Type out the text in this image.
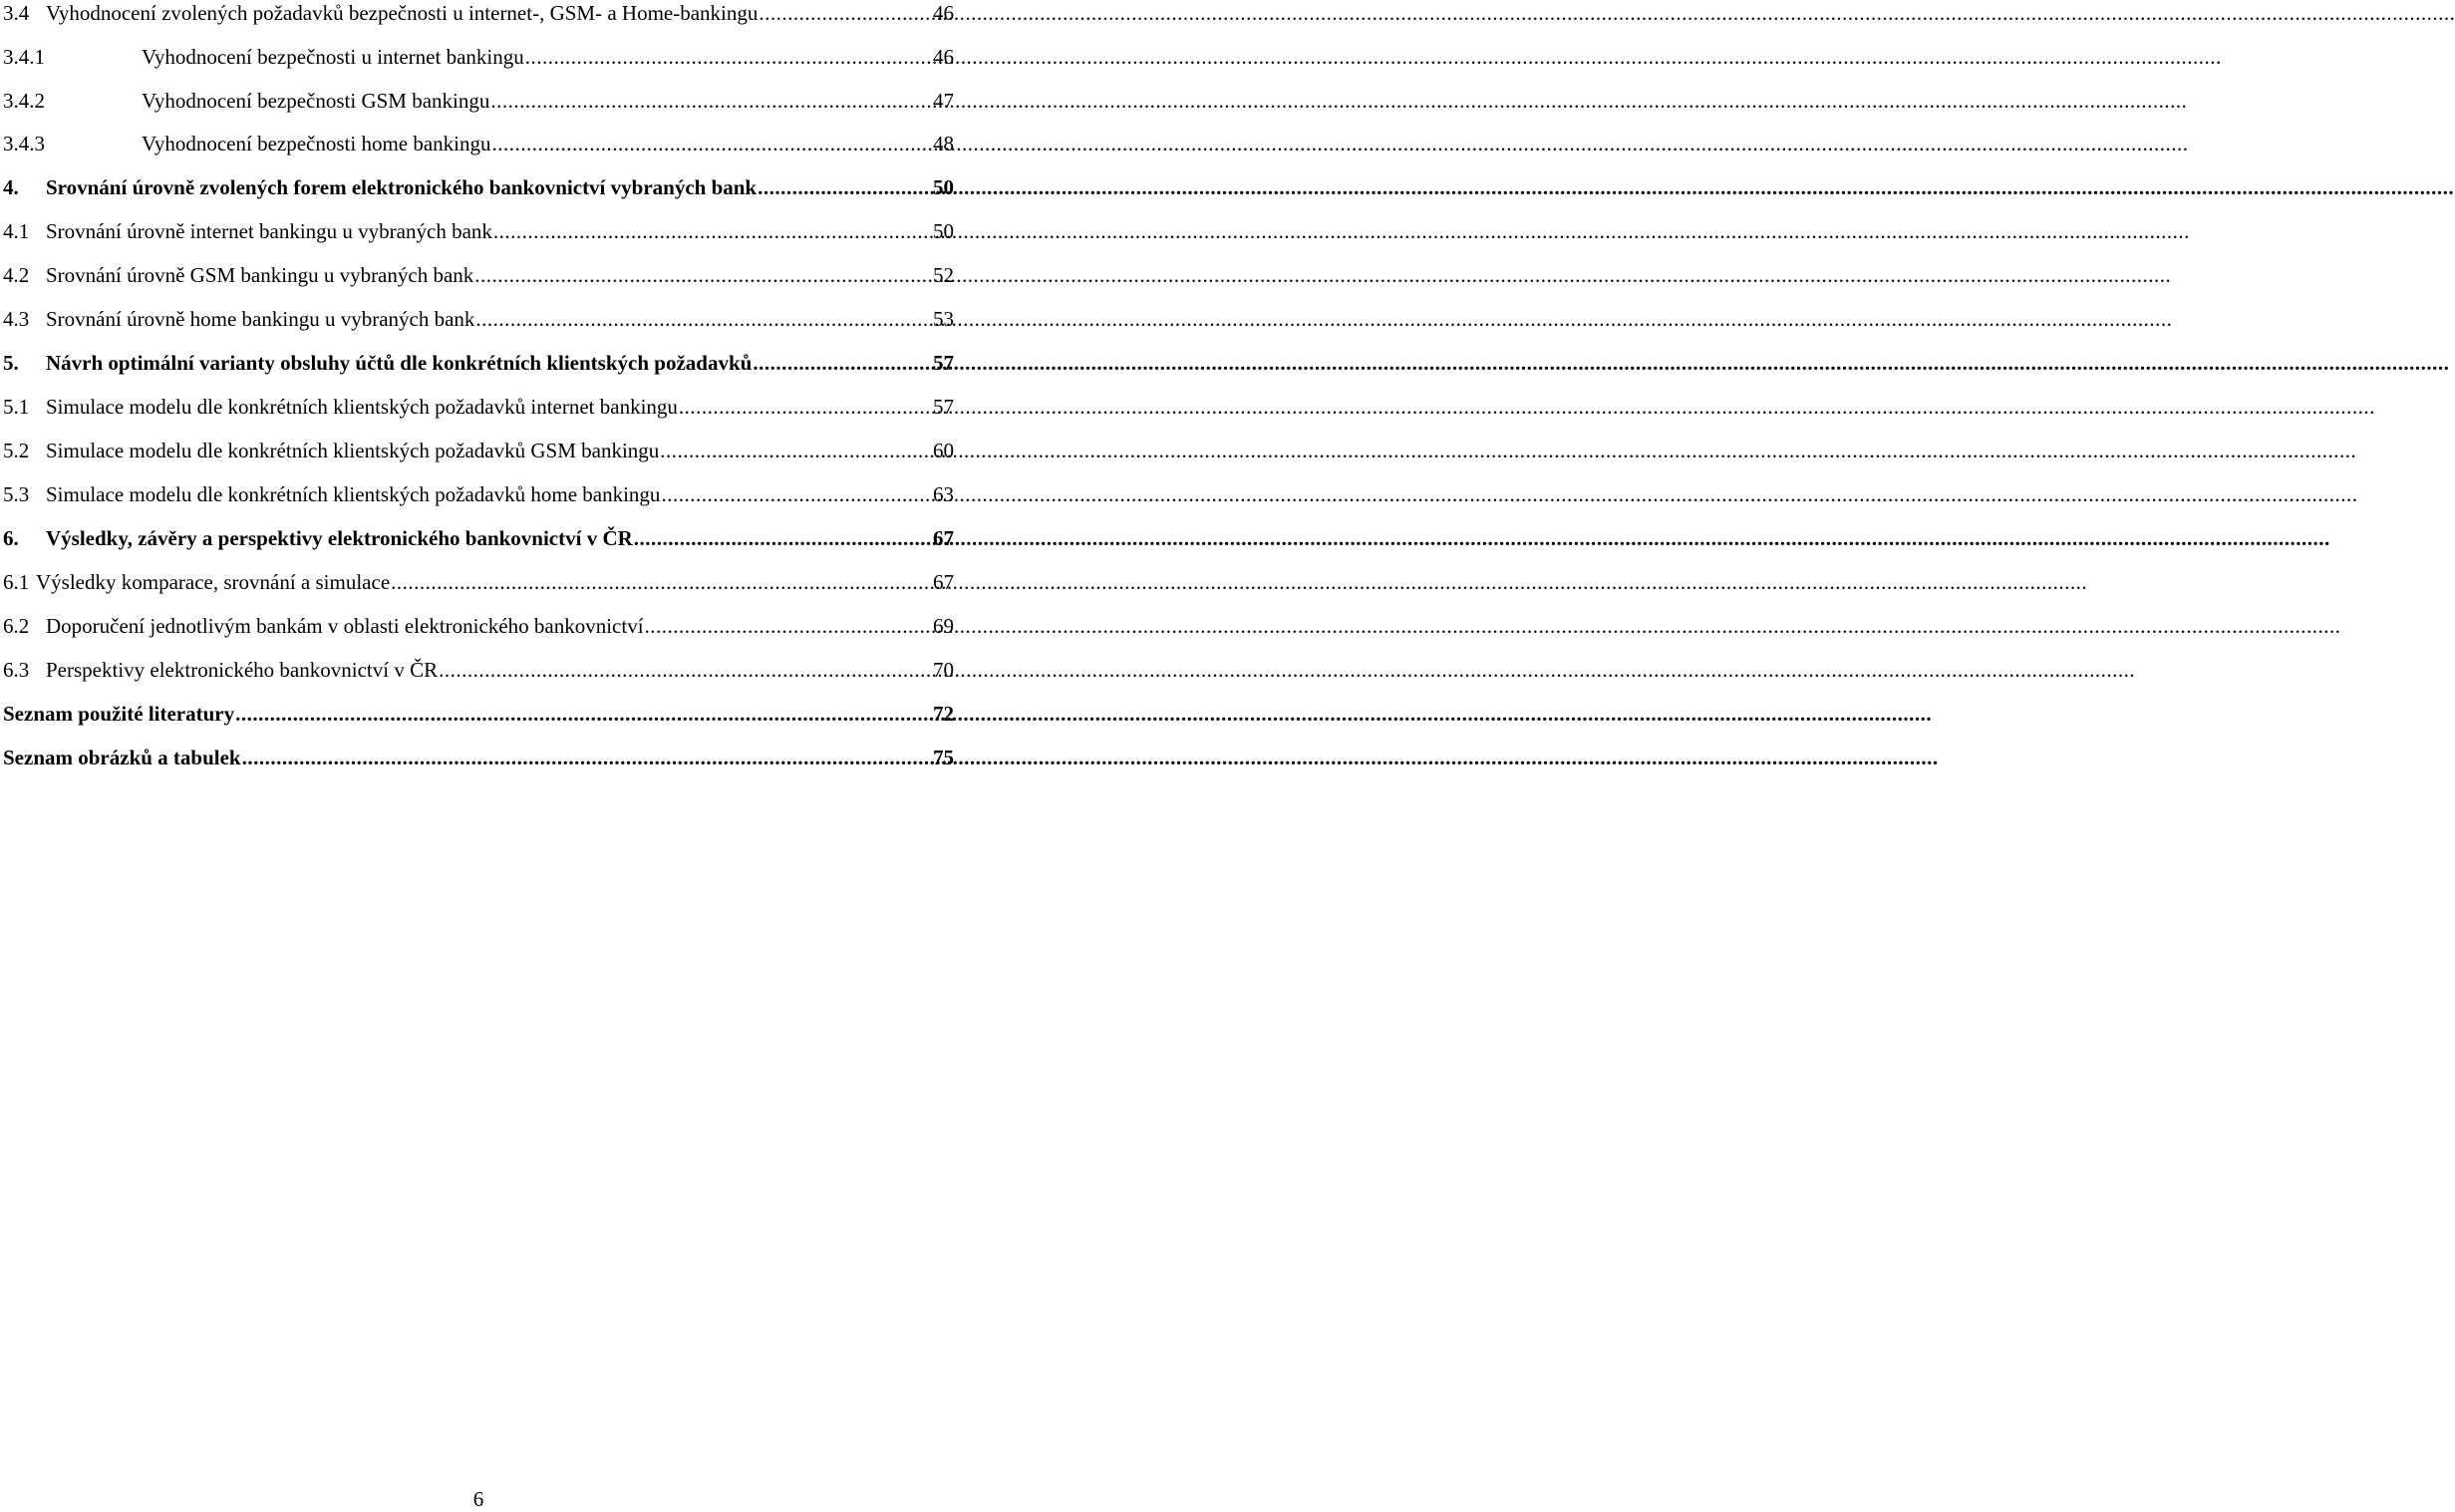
3.4 Vyhodnocení zvolených požadavků bezpečnosti u internet-, GSM- a Home-bankingu .....	46
3.4.1	Vyhodnocení bezpečnosti u internet bankingu .....	46
3.4.2	Vyhodnocení bezpečnosti GSM bankingu .....	47
3.4.3	Vyhodnocení bezpečnosti home bankingu .....	48
4.	Srovnání úrovně zvolených forem elektronického bankovnictví vybraných bank .....	50
4.1 Srovnání úrovně internet bankingu u vybraných bank .....	50
4.2 Srovnání úrovně GSM bankingu u vybraných bank .....	52
4.3 Srovnání úrovně home bankingu u vybraných bank .....	53
5.	Návrh optimální varianty obsluhy účtů dle konkrétních klientských požadavků .....	57
5.1 Simulace modelu dle konkrétních klientských požadavků internet bankingu .....	57
5.2 Simulace modelu dle konkrétních klientských požadavků GSM bankingu .....	60
5.3 Simulace modelu dle konkrétních klientských požadavků home bankingu .....	63
6.	Výsledky, závěry a perspektivy elektronického bankovnictví v ČR .....	67
6.1 Výsledky komparace, srovnání a simulace .....	67
6.2 Doporučení jednotlivým bankám v oblasti elektronického bankovnictví .....	69
6.3 Perspektivy elektronického bankovnictví v ČR .....	70
Seznam použité literatury .....	72
Seznam obrázků a tabulek .....	75
6
